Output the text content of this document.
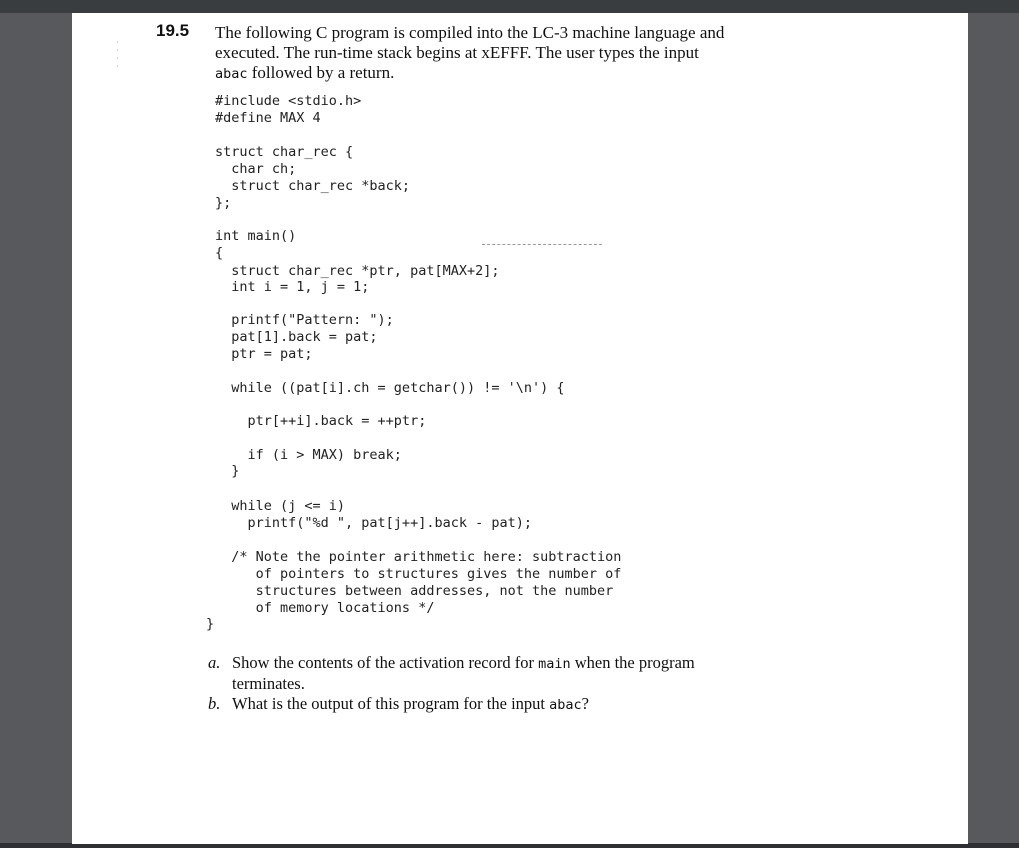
·
·
·
·
19.5 The following C program is compiled into the LC-3 machine language and executed. The run-time stack begins at xEFFF. The user types the input abac followed by a return.
#include <stdio.h>
#define MAX 4
struct char_rec {
char ch;
struct char_rec *back;
};
int main()
{
struct char_rec *ptr, pat[MAX+2];
int i = 1, j = 1;
printf("Pattern: ");
pat[1].back = pat;
ptr = pat;
while ((pat[i].ch = getchar()) != '\n') {
ptr[++i].back = ++ptr;
if (i > MAX) break;
}
while (j <= i)
printf("%d ", pat[j++].back - pat);
/* Note the pointer arithmetic here: subtraction
of pointers to structures gives the number of
structures between addresses, not the number
of memory locations */
}
a. Show the contents of the activation record for main when the program terminates.
b. What is the output of this program for the input abac?
